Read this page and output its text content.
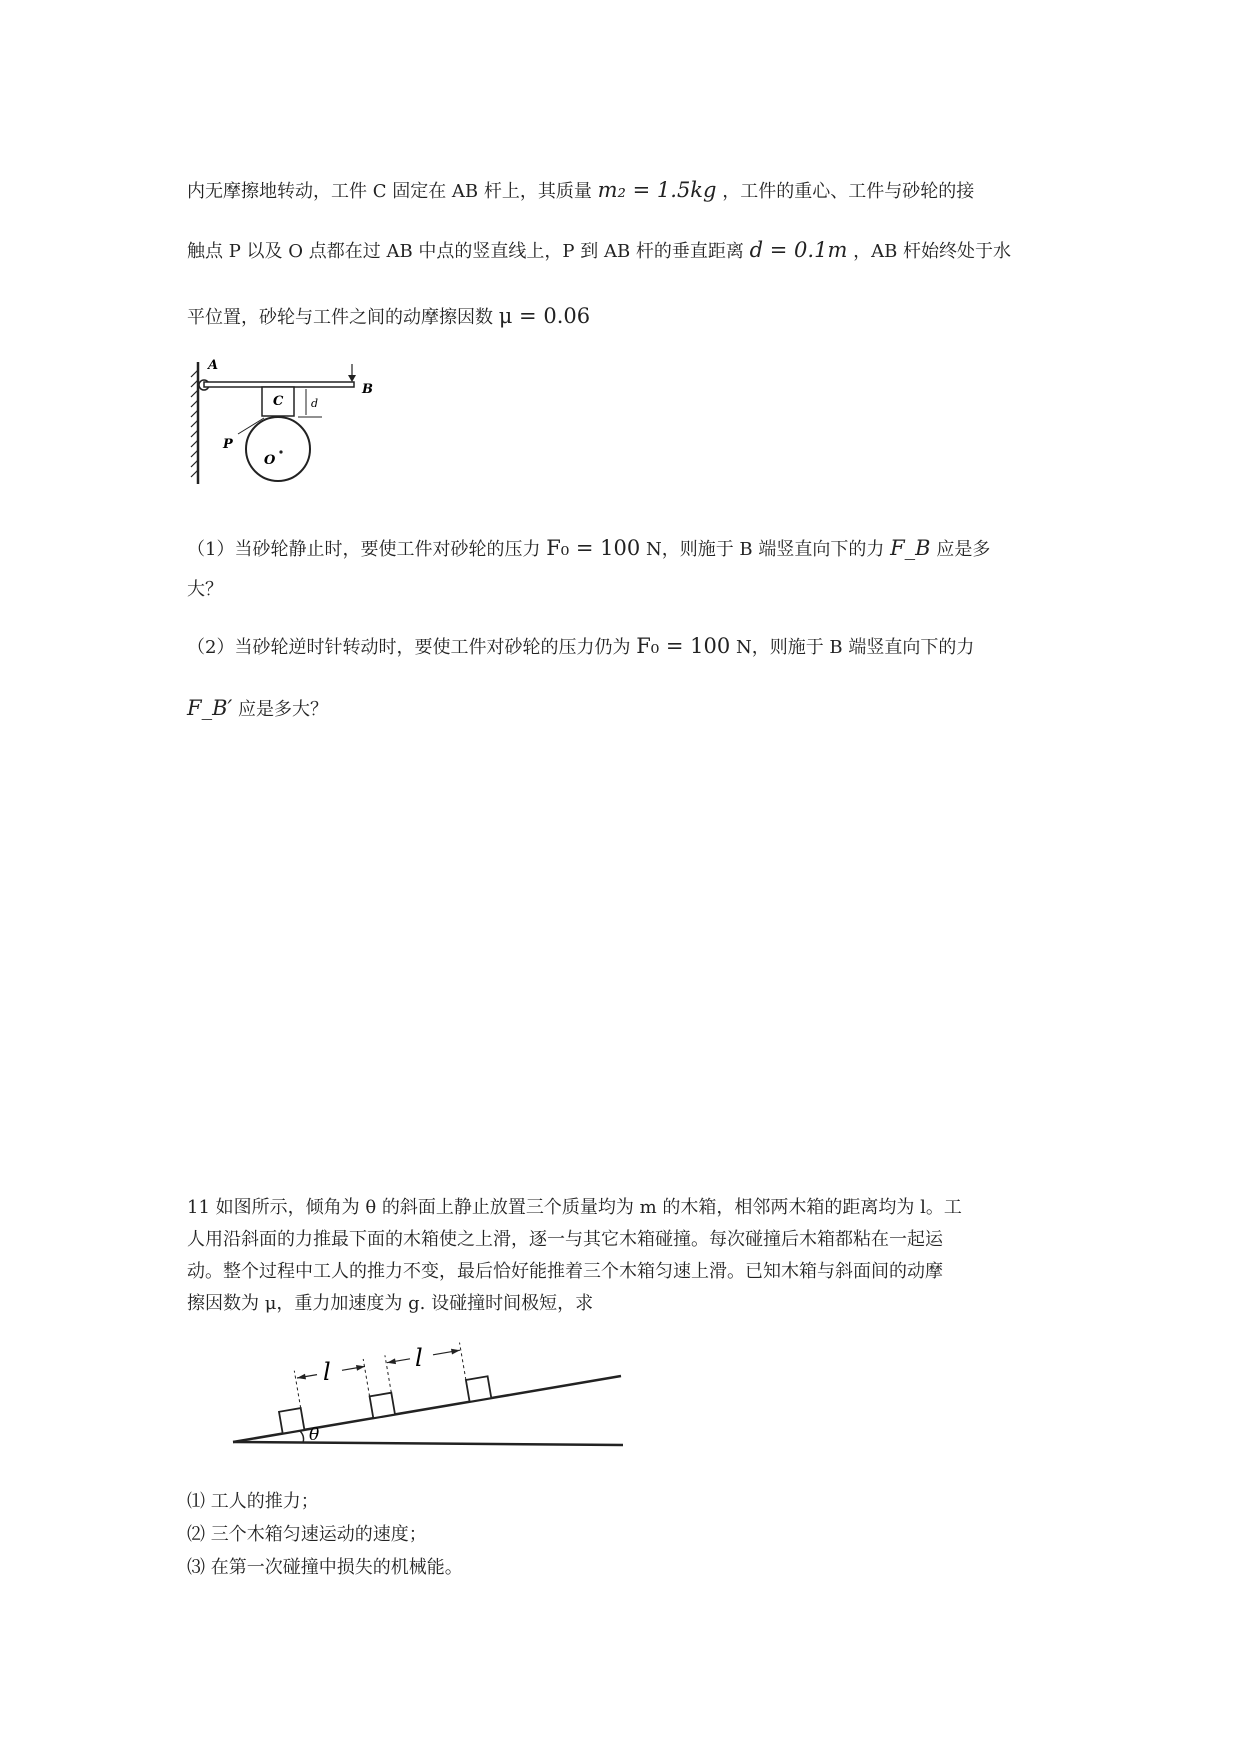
内无摩擦地转动，工件 C 固定在 AB 杆上，其质量 m₂ = 1.5kg ，工件的重心、工件与砂轮的接
触点 P 以及 O 点都在过 AB 中点的竖直线上，P 到 AB 杆的垂直距离 d = 0.1m ，AB 杆始终处于水
平位置，砂轮与工件之间的动摩擦因数 μ = 0.06
A
B
C	d
O
P
（1）当砂轮静止时，要使工件对砂轮的压力 F₀ = 100 N，则施于 B 端竖直向下的力 F_B 应是多
大？
（2）当砂轮逆时针转动时，要使工件对砂轮的压力仍为 F₀ = 100 N，则施于 B 端竖直向下的力
F_B′ 应是多大？
11 如图所示，倾角为 θ 的斜面上静止放置三个质量均为 m 的木箱，相邻两木箱的距离均为 l。工
人用沿斜面的力推最下面的木箱使之上滑，逐一与其它木箱碰撞。每次碰撞后木箱都粘在一起运
动。整个过程中工人的推力不变，最后恰好能推着三个木箱匀速上滑。已知木箱与斜面间的动摩
擦因数为 μ，重力加速度为 g. 设碰撞时间极短，求
l	l
θ
⑴ 工人的推力；
⑵ 三个木箱匀速运动的速度；
⑶ 在第一次碰撞中损失的机械能。
